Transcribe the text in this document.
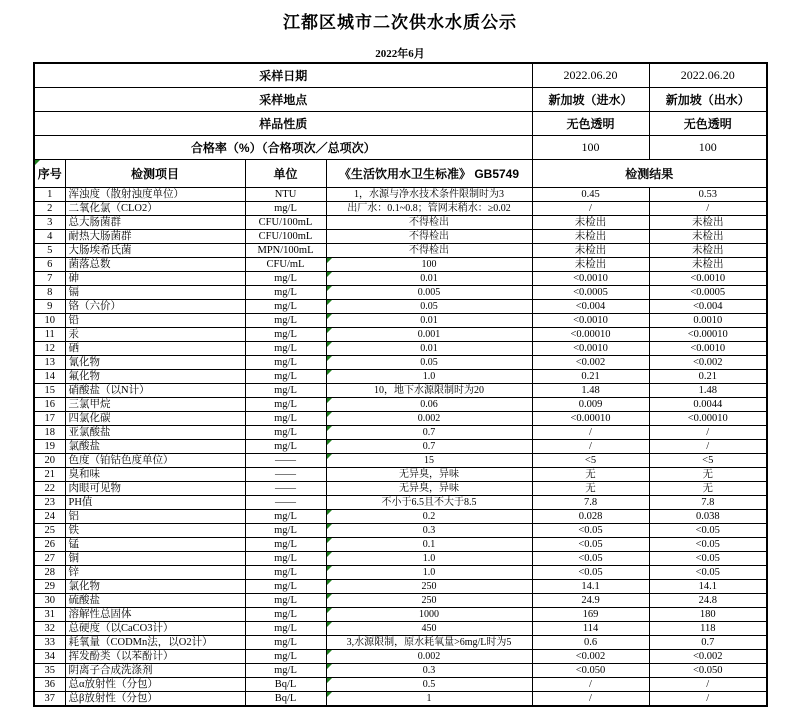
江都区城市二次供水水质公示
2022年6月
采样日期				2022.06.20	2022.06.20
采样地点				新加坡（进水）	新加坡（出水）
样品性质				无色透明	无色透明
合格率（%）（合格项次／总项次）				100	100

序号	检测项目	单位	《生活饮用水卫生标准》 GB5749	检测结果	
1	浑浊度（散射浊度单位）	NTU	1，水源与净水技术条件限制时为3	0.45	0.53
2	二氧化氯（CLO2）	mg/L	出厂水：0.1~0.8；管网末稍水：≥0.02	/	/
3	总大肠菌群	CFU/100mL	不得检出	未检出	未检出
4	耐热大肠菌群	CFU/100mL	不得检出	未检出	未检出
5	大肠埃希氏菌	MPN/100mL	不得检出	未检出	未检出
6	菌落总数	CFU/mL	100	未检出	未检出
7	砷	mg/L	0.01	<0.0010	<0.0010
8	镉	mg/L	0.005	<0.0005	<0.0005
9	铬（六价）	mg/L	0.05	<0.004	<0.004
10	铅	mg/L	0.01	<0.0010	0.0010
11	汞	mg/L	0.001	<0.00010	<0.00010
12	硒	mg/L	0.01	<0.0010	<0.0010
13	氰化物	mg/L	0.05	<0.002	<0.002
14	氟化物	mg/L	1.0	0.21	0.21
15	硝酸盐（以N计）	mg/L	10，地下水源限制时为20	1.48	1.48
16	三氯甲烷	mg/L	0.06	0.009	0.0044
17	四氯化碳	mg/L	0.002	<0.00010	<0.00010
18	亚氯酸盐	mg/L	0.7	/	/
19	氯酸盐	mg/L	0.7	/	/
20	色度（铂钴色度单位）	——	15	<5	<5
21	臭和味	——	无异臭，异味	无	无
22	肉眼可见物	——	无异臭，异味	无	无
23	PH值	——	不小于6.5且不大于8.5	7.8	7.8
24	铝	mg/L	0.2	0.028	0.038
25	铁	mg/L	0.3	<0.05	<0.05
26	锰	mg/L	0.1	<0.05	<0.05
27	铜	mg/L	1.0	<0.05	<0.05
28	锌	mg/L	1.0	<0.05	<0.05
29	氯化物	mg/L	250	14.1	14.1
30	硫酸盐	mg/L	250	24.9	24.8
31	溶解性总固体	mg/L	1000	169	180
32	总硬度（以CaCO3计）	mg/L	450	114	118
33	耗氧量（CODMn法，以O2计）	mg/L	3,水源限制，原水耗氧量>6mg/L时为5	0.6	0.7
34	挥发酚类（以苯酚计）	mg/L	0.002	<0.002	<0.002
35	阴离子合成洗涤剂	mg/L	0.3	<0.050	<0.050
36	总α放射性（分包）	Bq/L	0.5	/	/
37	总β放射性（分包）	Bq/L	1	/	/
